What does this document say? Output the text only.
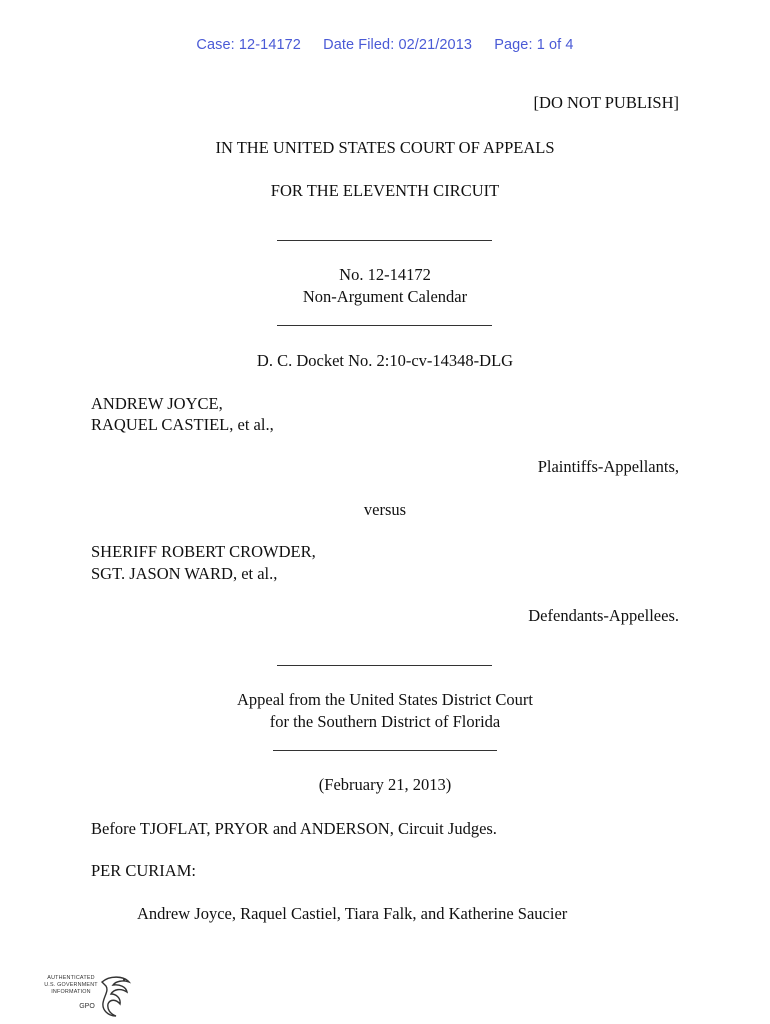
Case: 12-14172 Date Filed: 02/21/2013 Page: 1 of 4
[DO NOT PUBLISH]
IN THE UNITED STATES COURT OF APPEALS
FOR THE ELEVENTH CIRCUIT
No. 12-14172
Non-Argument Calendar
D. C. Docket No. 2:10-cv-14348-DLG
ANDREW JOYCE,
RAQUEL CASTIEL, et al.,
Plaintiffs-Appellants,
versus
SHERIFF ROBERT CROWDER,
SGT. JASON WARD, et al.,
Defendants-Appellees.
Appeal from the United States District Court
for the Southern District of Florida
(February 21, 2013)
Before TJOFLAT, PRYOR and ANDERSON, Circuit Judges.
PER CURIAM:
Andrew Joyce, Raquel Castiel, Tiara Falk, and Katherine Saucier
AUTHENTICATED
U.S. GOVERNMENT
INFORMATION
GPO
